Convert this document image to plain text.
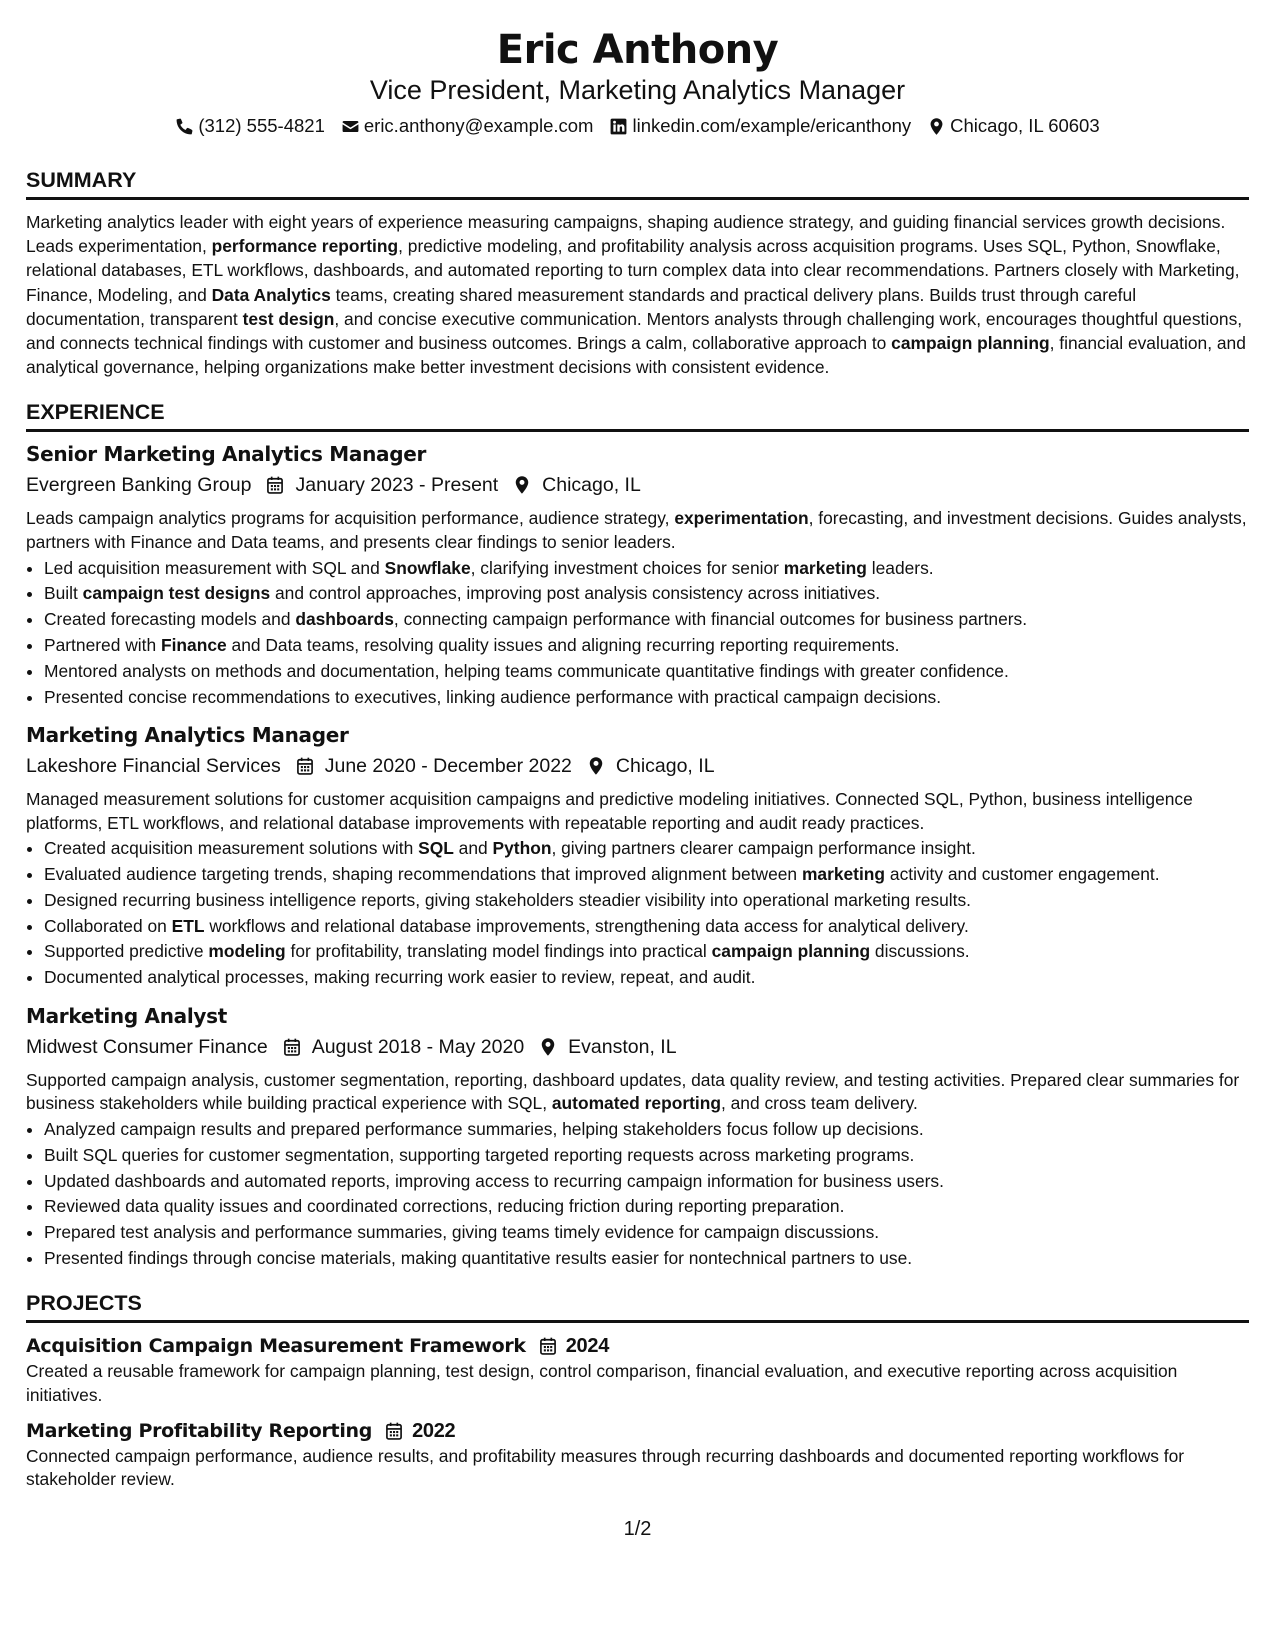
Eric Anthony
Vice President, Marketing Analytics Manager
(312) 555-4821 eric.anthony@example.com linkedin.com/example/ericanthony Chicago, IL 60603
SUMMARY

Marketing analytics leader with eight years of experience measuring campaigns, shaping audience strategy, and guiding financial services growth decisions. Leads experimentation, performance reporting, predictive modeling, and profitability analysis across acquisition programs. Uses SQL, Python, Snowflake, relational databases, ETL workflows, dashboards, and automated reporting to turn complex data into clear recommendations. Partners closely with Marketing, Finance, Modeling, and Data Analytics teams, creating shared measurement standards and practical delivery plans. Builds trust through careful documentation, transparent test design, and concise executive communication. Mentors analysts through challenging work, encourages thoughtful questions, and connects technical findings with customer and business outcomes. Brings a calm, collaborative approach to campaign planning, financial evaluation, and analytical governance, helping organizations make better investment decisions with consistent evidence.

EXPERIENCE
Senior Marketing Analytics Manager
Evergreen Banking Group January 2023 - Present Chicago, IL
Leads campaign analytics programs for acquisition performance, audience strategy, experimentation, forecasting, and investment decisions. Guides analysts, partners with Finance and Data teams, and presents clear findings to senior leaders.
• Led acquisition measurement with SQL and Snowflake, clarifying investment choices for senior marketing leaders.
• Built campaign test designs and control approaches, improving post analysis consistency across initiatives.
• Created forecasting models and dashboards, connecting campaign performance with financial outcomes for business partners.
• Partnered with Finance and Data teams, resolving quality issues and aligning recurring reporting requirements.
• Mentored analysts on methods and documentation, helping teams communicate quantitative findings with greater confidence.
• Presented concise recommendations to executives, linking audience performance with practical campaign decisions.
Marketing Analytics Manager
Lakeshore Financial Services June 2020 - December 2022 Chicago, IL
Managed measurement solutions for customer acquisition campaigns and predictive modeling initiatives. Connected SQL, Python, business intelligence platforms, ETL workflows, and relational database improvements with repeatable reporting and audit ready practices.
• Created acquisition measurement solutions with SQL and Python, giving partners clearer campaign performance insight.
• Evaluated audience targeting trends, shaping recommendations that improved alignment between marketing activity and customer engagement.
• Designed recurring business intelligence reports, giving stakeholders steadier visibility into operational marketing results.
• Collaborated on ETL workflows and relational database improvements, strengthening data access for analytical delivery.
• Supported predictive modeling for profitability, translating model findings into practical campaign planning discussions.
• Documented analytical processes, making recurring work easier to review, repeat, and audit.
Marketing Analyst
Midwest Consumer Finance August 2018 - May 2020 Evanston, IL
Supported campaign analysis, customer segmentation, reporting, dashboard updates, data quality review, and testing activities. Prepared clear summaries for business stakeholders while building practical experience with SQL, automated reporting, and cross team delivery.
• Analyzed campaign results and prepared performance summaries, helping stakeholders focus follow up decisions.
• Built SQL queries for customer segmentation, supporting targeted reporting requests across marketing programs.
• Updated dashboards and automated reports, improving access to recurring campaign information for business users.
• Reviewed data quality issues and coordinated corrections, reducing friction during reporting preparation.
• Prepared test analysis and performance summaries, giving teams timely evidence for campaign discussions.
• Presented findings through concise materials, making quantitative results easier for nontechnical partners to use.
PROJECTS
Acquisition Campaign Measurement Framework 2024
Created a reusable framework for campaign planning, test design, control comparison, financial evaluation, and executive reporting across acquisition initiatives.
Marketing Profitability Reporting 2022
Connected campaign performance, audience results, and profitability measures through recurring dashboards and documented reporting workflows for stakeholder review.
1/2
